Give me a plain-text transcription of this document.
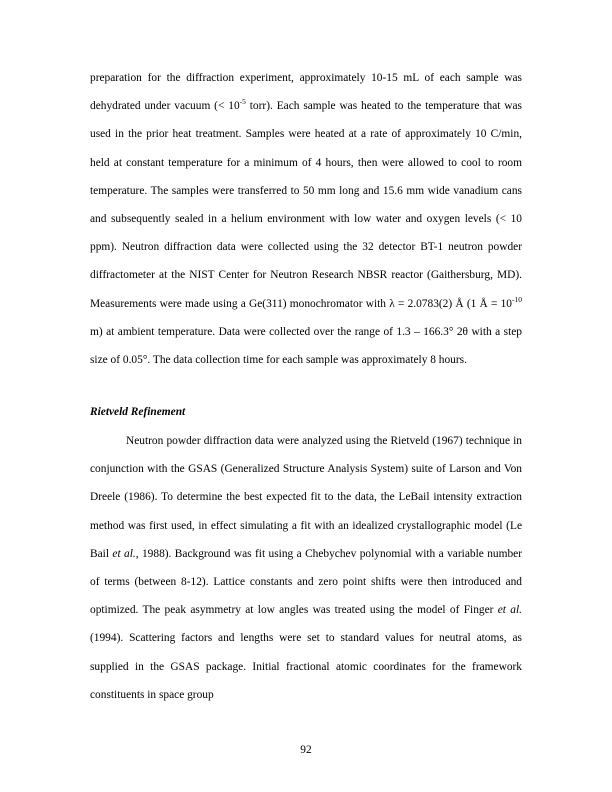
preparation for the diffraction experiment, approximately 10-15 mL of each sample was dehydrated under vacuum (< $10^{-5}$ torr). Each sample was heated to the temperature that was used in the prior heat treatment. Samples were heated at a rate of approximately 10 C/min, held at constant temperature for a minimum of 4 hours, then were allowed to cool to room temperature. The samples were transferred to 50 mm long and 15.6 mm wide vanadium cans and subsequently sealed in a helium environment with low water and oxygen levels (< 10 ppm). Neutron diffraction data were collected using the 32 detector BT-1 neutron powder diffractometer at the NIST Center for Neutron Research NBSR reactor (Gaithersburg, MD). Measurements were made using a Ge(311) monochromator with λ = 2.0783(2) Å (1 Å = $10^{-10}$ m) at ambient temperature. Data were collected over the range of 1.3 – 166.3° 2θ with a step size of 0.05°. The data collection time for each sample was approximately 8 hours.

Rietveld Refinement

Neutron powder diffraction data were analyzed using the Rietveld (1967) technique in conjunction with the GSAS (Generalized Structure Analysis System) suite of Larson and Von Dreele (1986). To determine the best expected fit to the data, the LeBail intensity extraction method was first used, in effect simulating a fit with an idealized crystallographic model (Le Bail et al., 1988). Background was fit using a Chebychev polynomial with a variable number of terms (between 8-12). Lattice constants and zero point shifts were then introduced and optimized. The peak asymmetry at low angles was treated using the model of Finger et al. (1994). Scattering factors and lengths were set to standard values for neutral atoms, as supplied in the GSAS package. Initial fractional atomic coordinates for the framework constituents in space group

92
